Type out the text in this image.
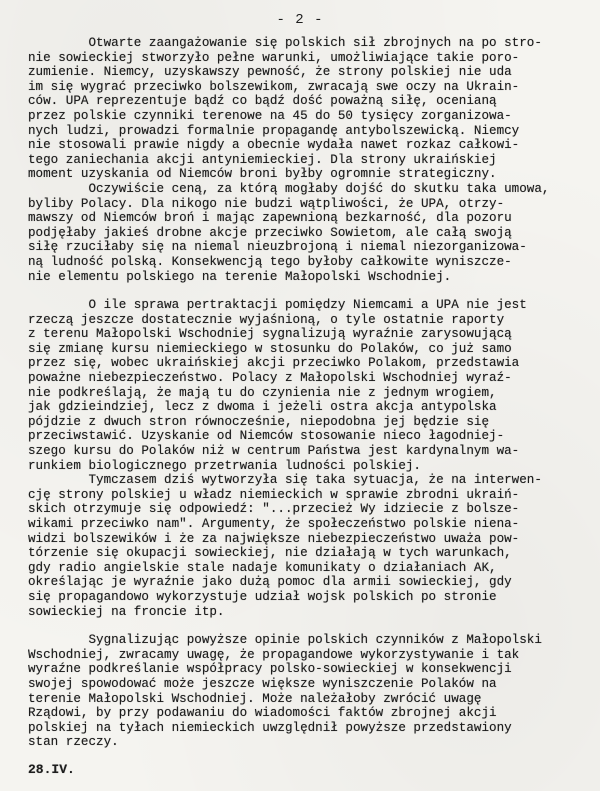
- 2 -
Otwarte zaangażowanie się polskich sił zbrojnych na po stro-
nie sowieckiej stworzyło pełne warunki, umożliwiające takie poro-
zumienie. Niemcy, uzyskawszy pewność, że strony polskiej nie uda
im się wygrać przeciwko bolszewikom, zwracają swe oczy na Ukrain-
ców. UPA reprezentuje bądź co bądź dość poważną siłę, ocenianą
przez polskie czynniki terenowe na 45 do 50 tysięcy zorganizowa-
nych ludzi, prowadzi formalnie propagandę antybolszewicką. Niemcy
nie stosowali prawie nigdy a obecnie wydała nawet rozkaz całkowi-
tego zaniechania akcji antyniemieckiej. Dla strony ukraińskiej
moment uzyskania od Niemców broni byłby ogromnie strategiczny.
Oczywiście ceną, za którą mogłaby dojść do skutku taka umowa,
byliby Polacy. Dla nikogo nie budzi wątpliwości, że UPA, otrzy-
mawszy od Niemców broń i mając zapewnioną bezkarność, dla pozoru
podjęłaby jakieś drobne akcje przeciwko Sowietom, ale całą swoją
siłę rzuciłaby się na niemal nieuzbrojoną i niemal niezorganizowa-
ną ludność polską. Konsekwencją tego byłoby całkowite wyniszcze-
nie elementu polskiego na terenie Małopolski Wschodniej.
O ile sprawa pertraktacji pomiędzy Niemcami a UPA nie jest
rzeczą jeszcze dostatecznie wyjaśnioną, o tyle ostatnie raporty
z terenu Małopolski Wschodniej sygnalizują wyraźnie zarysowującą
się zmianę kursu niemieckiego w stosunku do Polaków, co już samo
przez się, wobec ukraińskiej akcji przeciwko Polakom, przedstawia
poważne niebezpieczeństwo. Polacy z Małopolski Wschodniej wyraź-
nie podkreślają, że mają tu do czynienia nie z jednym wrogiem,
jak gdzieindziej, lecz z dwoma i jeżeli ostra akcja antypolska
pójdzie z dwuch stron równocześnie, niepodobna jej będzie się
przeciwstawić. Uzyskanie od Niemców stosowanie nieco łagodniej-
szego kursu do Polaków niż w centrum Państwa jest kardynalnym wa-
runkiem biologicznego przetrwania ludności polskiej.
Tymczasem dziś wytworzyła się taka sytuacja, że na interwen-
cję strony polskiej u władz niemieckich w sprawie zbrodni ukraiń-
skich otrzymuje się odpowiedź: "...przecież Wy idziecie z bolsze-
wikami przeciwko nam". Argumenty, że społeczeństwo polskie niena-
widzi bolszewików i że za największe niebezpieczeństwo uważa pow-
tórzenie się okupacji sowieckiej, nie działają w tych warunkach,
gdy radio angielskie stale nadaje komunikaty o działaniach AK,
określając je wyraźnie jako dużą pomoc dla armii sowieckiej, gdy
się propagandowo wykorzystuje udział wojsk polskich po stronie
sowieckiej na froncie itp.
Sygnalizując powyższe opinie polskich czynników z Małopolski
Wschodniej, zwracamy uwagę, że propagandowe wykorzystywanie i tak
wyraźne podkreślanie współpracy polsko-sowieckiej w konsekwencji
swojej spowodować może jeszcze większe wyniszczenie Polaków na
terenie Małopolski Wschodniej. Może należałoby zwrócić uwagę
Rządowi, by przy podawaniu do wiadomości faktów zbrojnej akcji
polskiej na tyłach niemieckich uwzględnił powyższe przedstawiony
stan rzeczy.
28.IV.
